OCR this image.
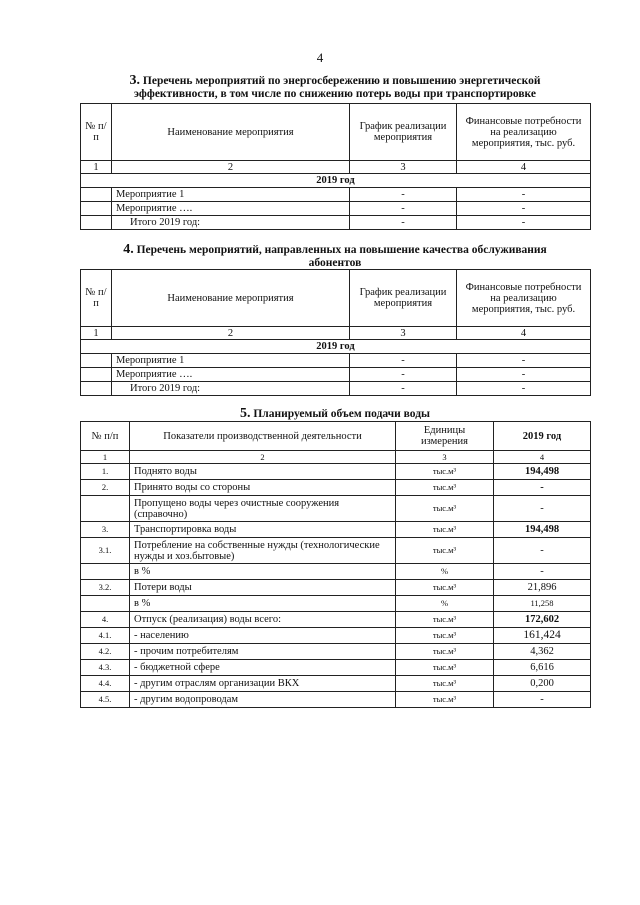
4
3. Перечень мероприятий по энергосбережению и повышению энергетической
эффективности, в том числе по снижению потерь воды при транспортировке
№ п/п	Наименование мероприятия	График реализации мероприятия	Финансовые потребности на реализацию мероприятия, тыс. руб.
1	2	3	4
2019 год			
	Мероприятие 1	-	-
	Мероприятие ….	-	-
	Итого 2019 год:	-	-
4. Перечень мероприятий, направленных на повышение качества обслуживания
абонентов
№ п/п	Наименование мероприятия	График реализации мероприятия	Финансовые потребности на реализацию мероприятия, тыс. руб.
1	2	3	4
2019 год			
	Мероприятие 1	-	-
	Мероприятие ….	-	-
	Итого 2019 год:	-	-
5. Планируемый объем подачи воды
№ п/п	Показатели производственной деятельности	Единицы измерения	2019 год
1	2	3	4
1.	Поднято воды	тыс.м³	194,498
2.	Принято воды со стороны	тыс.м³	-
	Пропущено воды через очистные сооружения (справочно)	тыс.м³	-
3.	Транспортировка воды	тыс.м³	194,498
3.1.	Потребление на собственные нужды (технологические нужды и хоз.бытовые)	тыс.м³	-
	в %	%	-
3.2.	Потери воды	тыс.м³	21,896
	в %	%	11,258
4.	Отпуск (реализация) воды всего:	тыс.м³	172,602
4.1.	- населению	тыс.м³	161,424
4.2.	- прочим потребителям	тыс.м³	4,362
4.3.	- бюджетной сфере	тыс.м³	6,616
4.4.	- другим отраслям организации ВКХ	тыс.м³	0,200
4.5.	- другим водопроводам	тыс.м³	-
